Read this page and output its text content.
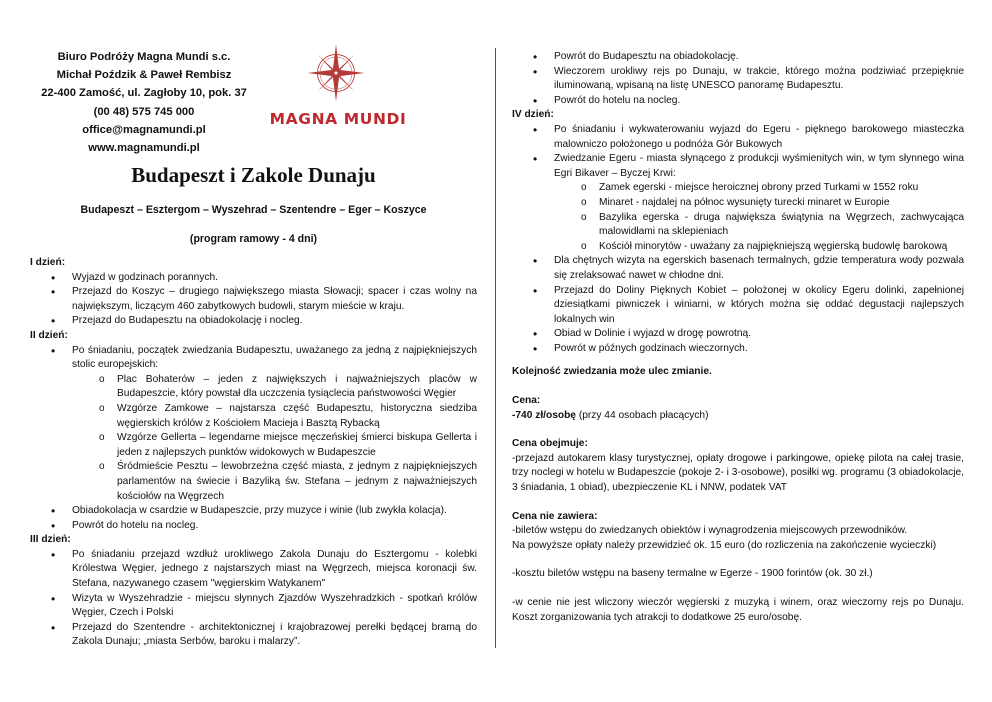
Biuro Podróży Magna Mundi s.c.
Michał Poździk & Paweł Rembisz
22-400 Zamość, ul. Zagłoby 10, pok. 37
(00 48) 575 745 000
office@magnamundi.pl
www.magnamundi.pl
MAGNA MUNDI
Budapeszt i Zakole Dunaju
Budapeszt – Esztergom – Wyszehrad – Szentendre – Eger – Koszyce
(program ramowy - 4 dni)
I dzień:
• Wyjazd w godzinach porannych.
• Przejazd do Koszyc – drugiego największego miasta Słowacji; spacer i czas wolny na największym, liczącym 460 zabytkowych budowli, starym mieście w kraju.
• Przejazd do Budapesztu na obiadokolację i nocleg.
II dzień:
• Po śniadaniu, początek zwiedzania Budapesztu, uważanego za jedną z najpiękniejszych stolic europejskich:
o Plac Bohaterów – jeden z największych i najważniejszych placów w Budapeszcie, który powstał dla uczczenia tysiąclecia państwowości Węgier
o Wzgórze Zamkowe – najstarsza część Budapesztu, historyczna siedziba węgierskich królów z Kościołem Macieja i Basztą Rybacką
o Wzgórze Gellerta – legendarne miejsce męczeńskiej śmierci biskupa Gellerta i jeden z najlepszych punktów widokowych w Budapeszcie
o Śródmieście Pesztu – lewobrzeżna część miasta, z jednym z najpiękniejszych parlamentów na świecie i Bazyliką św. Stefana – jednym z najważniejszych kościołów na Węgrzech
• Obiadokolacja w csardzie w Budapeszcie, przy muzyce i winie (lub zwykła kolacja).
• Powrót do hotelu na nocleg.
III dzień:
• Po śniadaniu przejazd wzdłuż urokliwego Zakola Dunaju do Esztergomu - kolebki Królestwa Węgier, jednego z najstarszych miast na Węgrzech, miejsca koronacji św. Stefana, nazywanego czasem "węgierskim Watykanem"
• Wizyta w Wyszehradzie - miejscu słynnych Zjazdów Wyszehradzkich - spotkań królów Węgier, Czech i Polski
• Przejazd do Szentendre - architektonicznej i krajobrazowej perełki będącej bramą do Zakola Dunaju; „miasta Serbów, baroku i malarzy”.
• Powrót do Budapesztu na obiadokolację.
• Wieczorem urokliwy rejs po Dunaju, w trakcie, którego można podziwiać przepięknie iluminowaną, wpisaną na listę UNESCO panoramę Budapesztu.
• Powrót do hotelu na nocleg.
IV dzień:
• Po śniadaniu i wykwaterowaniu wyjazd do Egeru - pięknego barokowego miasteczka malowniczo położonego u podnóża Gór Bukowych
• Zwiedzanie Egeru - miasta słynącego z produkcji wyśmienitych win, w tym słynnego wina Egri Bikaver – Byczej Krwi:
o Zamek egerski - miejsce heroicznej obrony przed Turkami w 1552 roku
o Minaret - najdalej na północ wysunięty turecki minaret w Europie
o Bazylika egerska - druga największa świątynia na Węgrzech, zachwycająca malowidłami na sklepieniach
o Kościół minorytów - uważany za najpiękniejszą węgierską budowlę barokową
• Dla chętnych wizyta na egerskich basenach termalnych, gdzie temperatura wody pozwala się zrelaksować nawet w chłodne dni.
• Przejazd do Doliny Pięknych Kobiet – położonej w okolicy Egeru dolinki, zapełnionej dziesiątkami piwniczek i winiarni, w których można się oddać degustacji najlepszych lokalnych win
• Obiad w Dolinie i wyjazd w drogę powrotną.
• Powrót w późnych godzinach wieczornych.

Kolejność zwiedzania może ulec zmianie.

Cena:

-740 zł/osobę (przy 44 osobach płacących)

Cena obejmuje:

-przejazd autokarem klasy turystycznej, opłaty drogowe i parkingowe, opiekę pilota na całej trasie, trzy noclegi w hotelu w Budapeszcie (pokoje 2- i 3-osobowe), posiłki wg. programu (3 obiadokolacje, 3 śniadania, 1 obiad), ubezpieczenie KL i NNW, podatek VAT

Cena nie zawiera:

-biletów wstępu do zwiedzanych obiektów i wynagrodzenia miejscowych przewodników.

Na powyższe opłaty należy przewidzieć ok. 15 euro (do rozliczenia na zakończenie wycieczki)

-kosztu biletów wstępu na baseny termalne w Egerze - 1900 forintów (ok. 30 zł.)

-w cenie nie jest wliczony wieczór węgierski z muzyką i winem, oraz wieczorny rejs po Dunaju. Koszt zorganizowania tych atrakcji to dodatkowe 25 euro/osobę.
